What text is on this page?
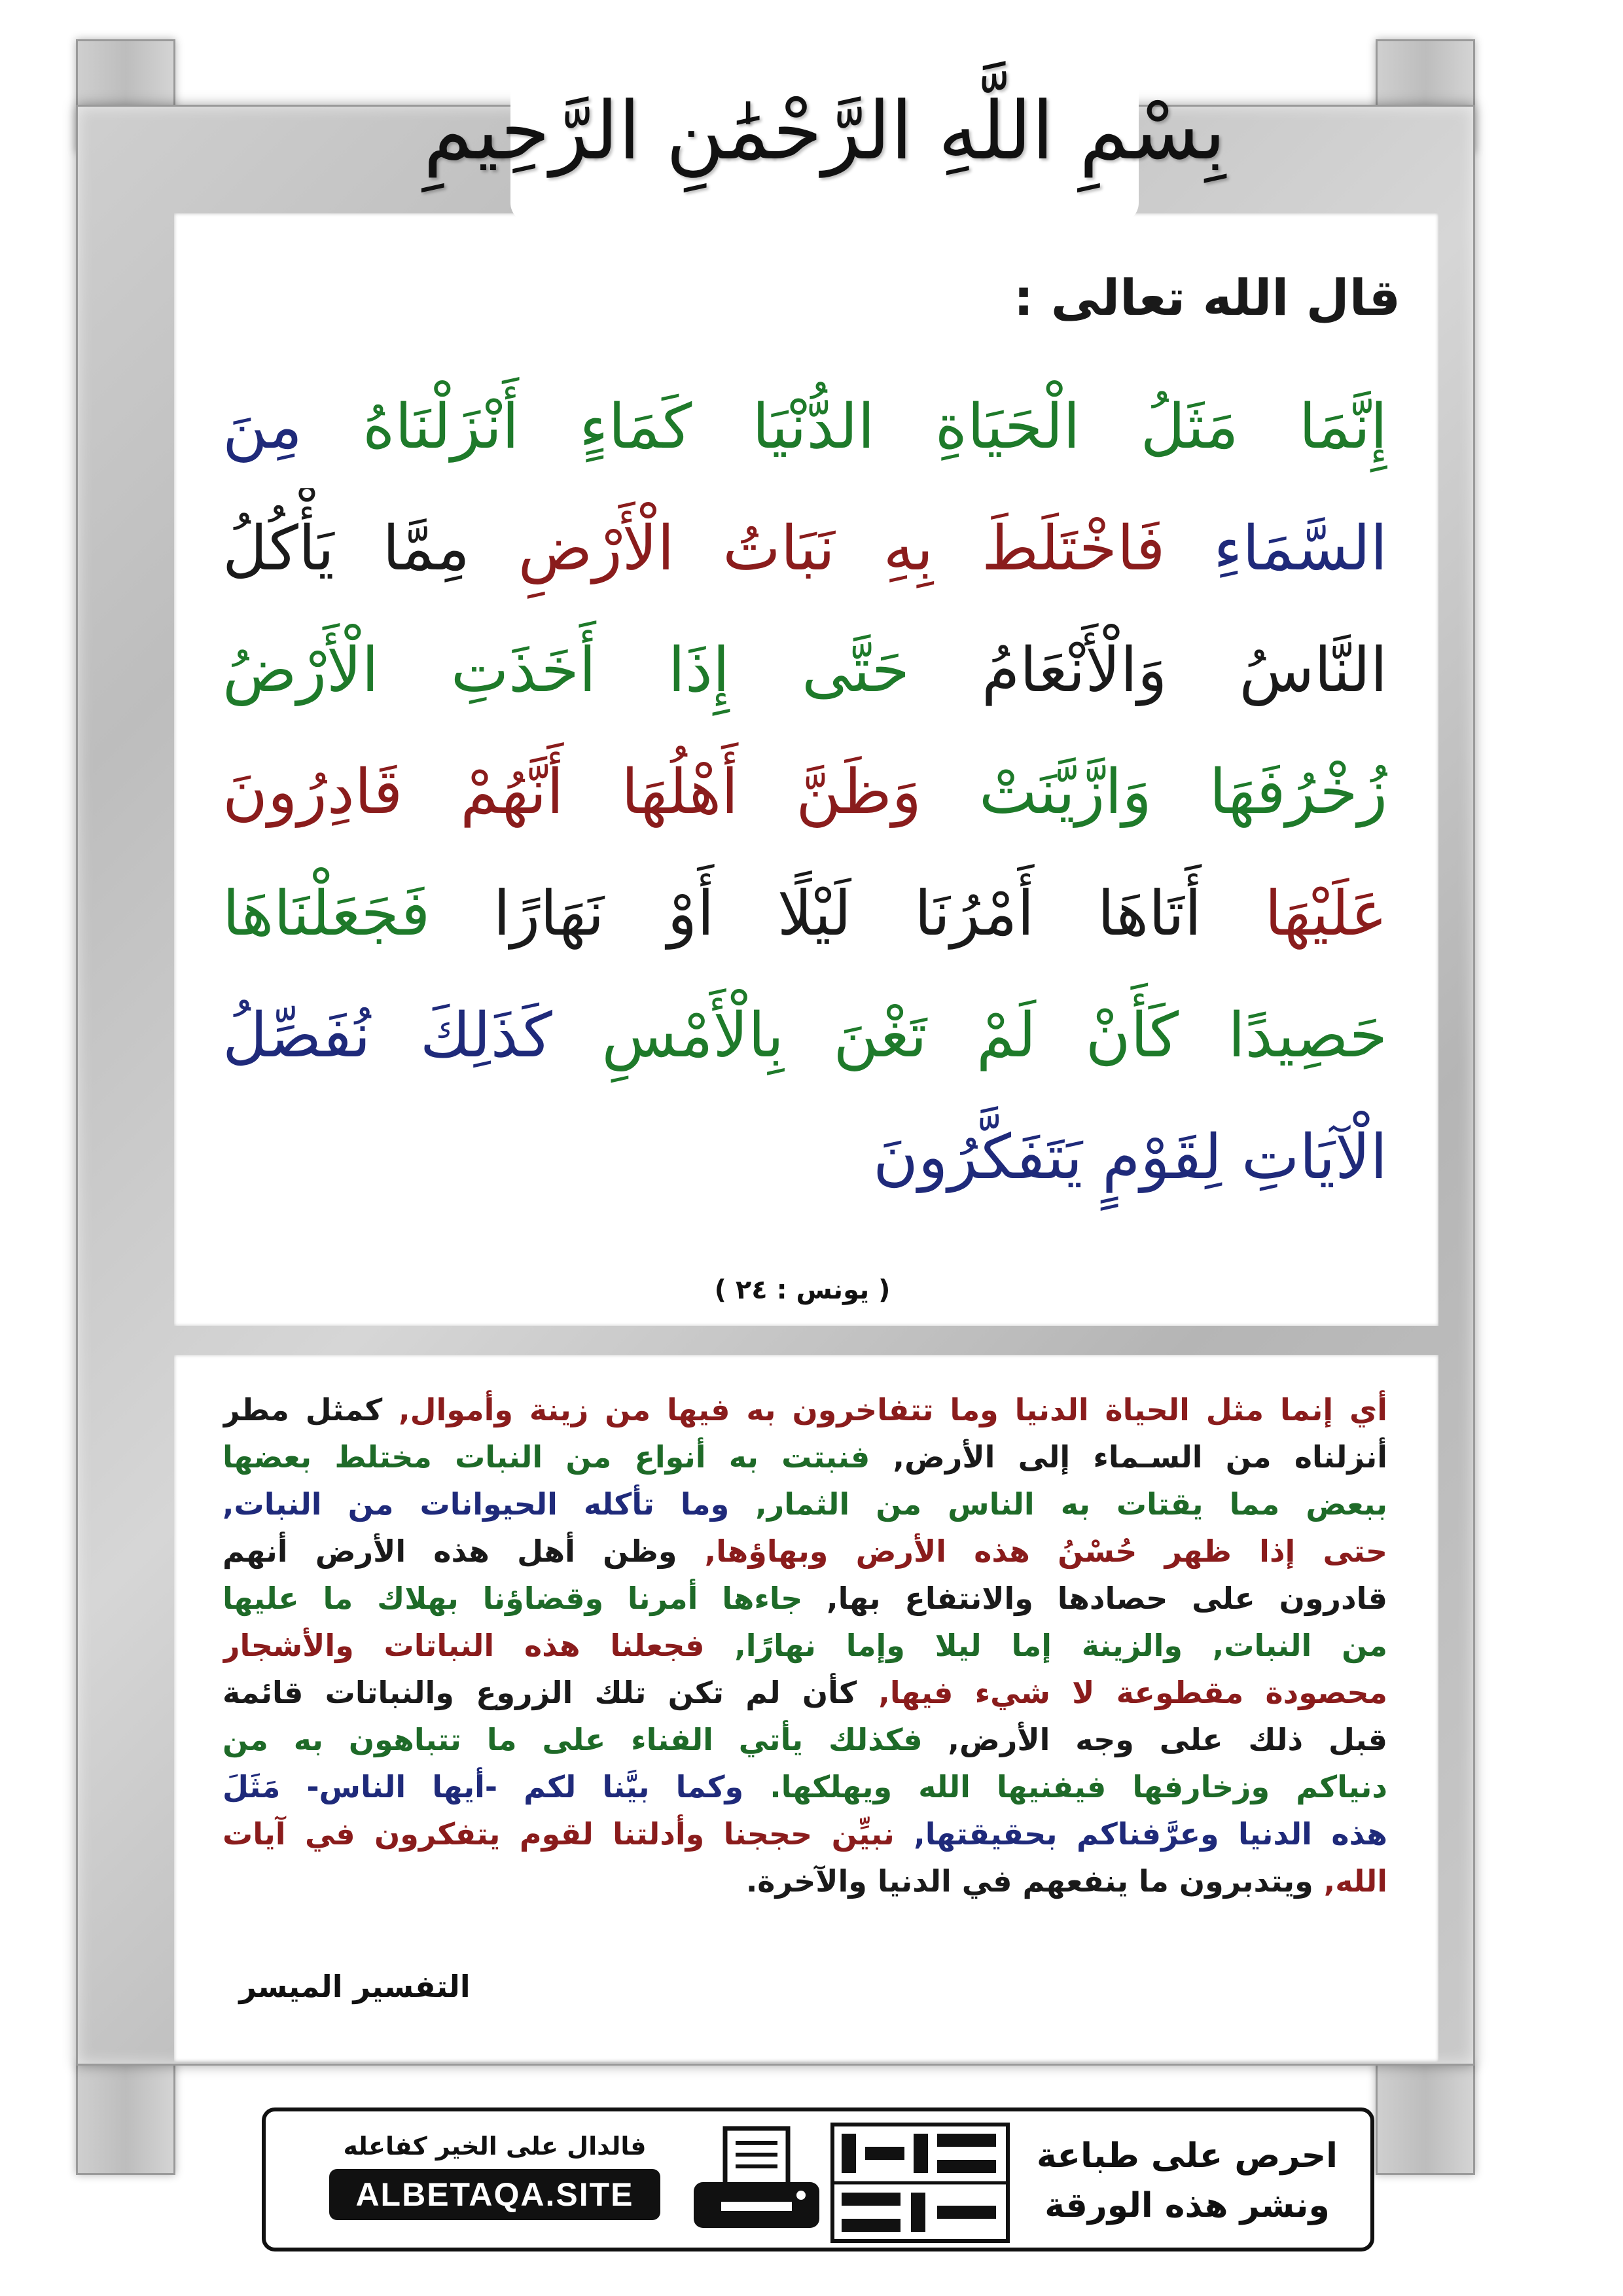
بِسْمِ اللَّهِ الرَّحْمَٰنِ الرَّحِيمِ
قال الله تعالى :
إِنَّمَا مَثَلُ الْحَيَاةِ الدُّنْيَا كَمَاءٍ أَنْزَلْنَاهُ مِنَ
السَّمَاءِ فَاخْتَلَطَ بِهِ نَبَاتُ الْأَرْضِ مِمَّا يَأْكُلُ
النَّاسُ وَالْأَنْعَامُ حَتَّى إِذَا أَخَذَتِ الْأَرْضُ
زُخْرُفَهَا وَازَّيَّنَتْ وَظَنَّ أَهْلُهَا أَنَّهُمْ قَادِرُونَ
عَلَيْهَا أَتَاهَا أَمْرُنَا لَيْلًا أَوْ نَهَارًا فَجَعَلْنَاهَا
حَصِيدًا كَأَنْ لَمْ تَغْنَ بِالْأَمْسِ كَذَلِكَ نُفَصِّلُ
الْآيَاتِ لِقَوْمٍ يَتَفَكَّرُونَ
( يونس : ٢٤ )
أي إنما مثل الحياة الدنيا وما تتفاخرون به فيها من زينة وأموال, كمثل مطر
أنزلناه من السـماء إلى الأرض, فنبتت به أنواع من النبات مختلط بعضها
ببعض مما يقتات به الناس من الثمار, وما تأكله الحيوانات من النبات,
حتى إذا ظهر حُسْنُ هذه الأرض وبهاؤها, وظن أهل هذه الأرض أنهم
قادرون على حصادها والانتفاع بها, جاءها أمرنا وقضاؤنا بهلاك ما عليها
من النبات, والزينة إما ليلا وإما نهارًا, فجعلنا هذه النباتات والأشجار
محصودة مقطوعة لا شيء فيها, كأن لم تكن تلك الزروع والنباتات قائمة
قبل ذلك على وجه الأرض, فكذلك يأتي الفناء على ما تتباهون به من
دنياكم وزخارفها فيفنيها الله ويهلكها. وكما بيَّنا لكم -أيها الناس- مَثَلَ
هذه الدنيا وعرَّفناكم بحقيقتها, نبيِّن حججنا وأدلتنا لقوم يتفكرون في آيات
الله, ويتدبرون ما ينفعهم في الدنيا والآخرة.
التفسير الميسر
فالدال على الخير كفاعله
ALBETAQA.SITE
احرص على طباعة
ونشر هذه الورقة
